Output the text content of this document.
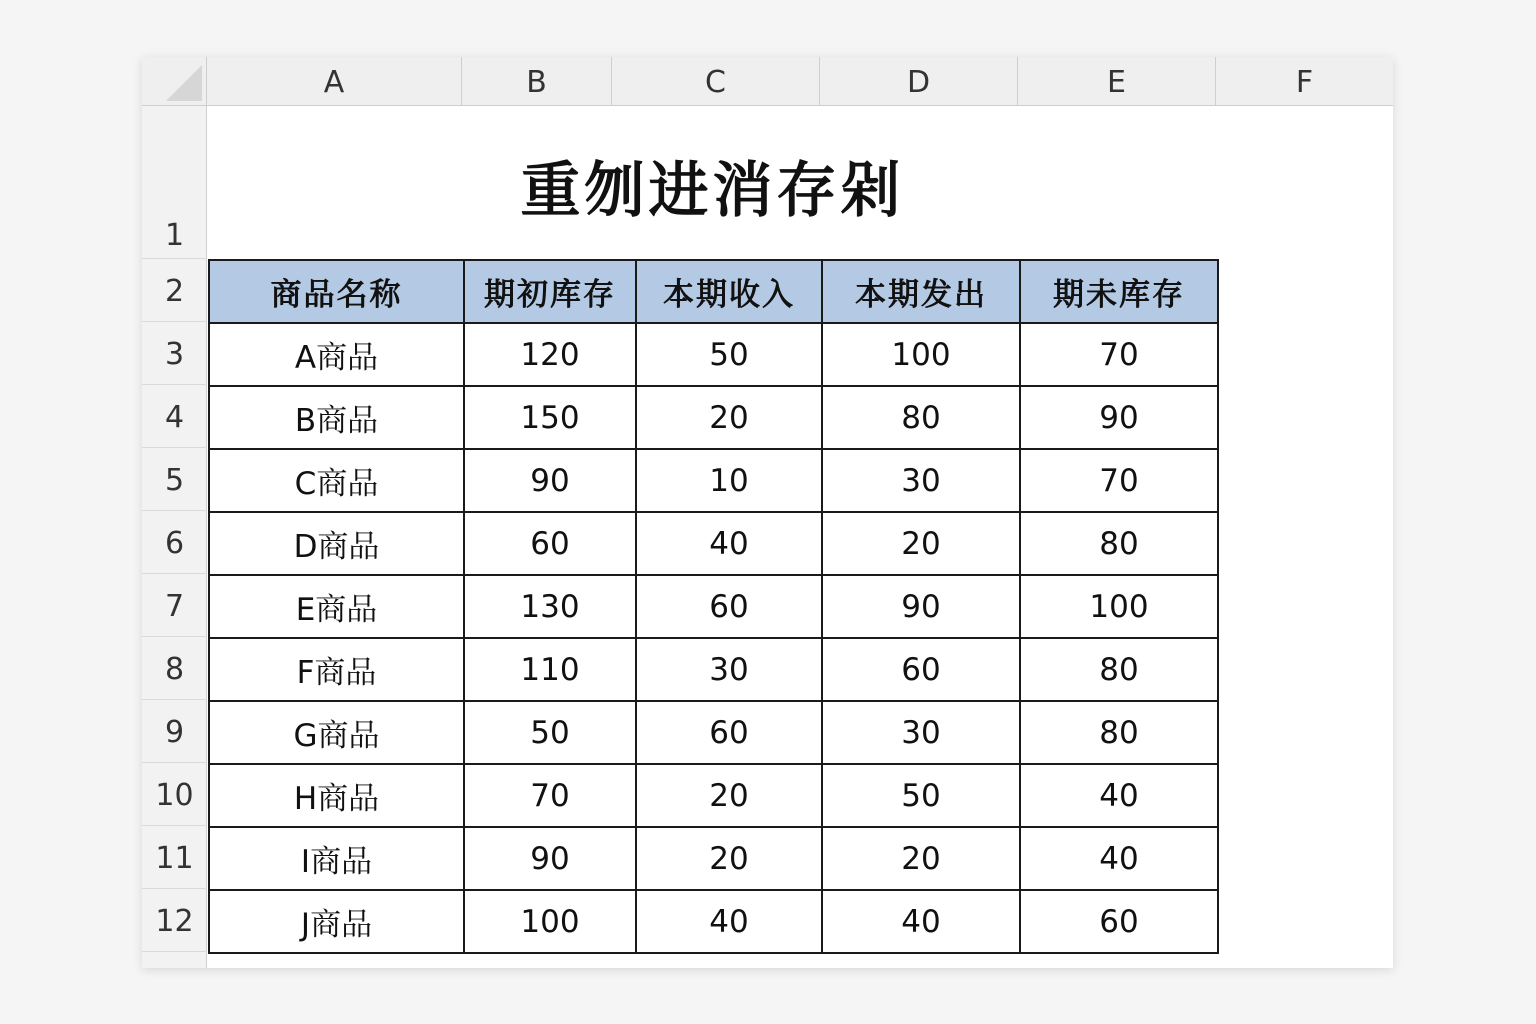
A	B	C	D	E	F
1
2
3
4
5
6
7
8
9
10
11
12
重刎进消存剁
商品名称	期初库存	本期收入	本期发出	期未库存
A商品	120	50	100	70
B商品	150	20	80	90
C商品	90	10	30	70
D商品	60	40	20	80
E商品	130	60	90	100
F商品	110	30	60	80
G商品	50	60	30	80
H商品	70	20	50	40
I商品	90	20	20	40
J商品	100	40	40	60
